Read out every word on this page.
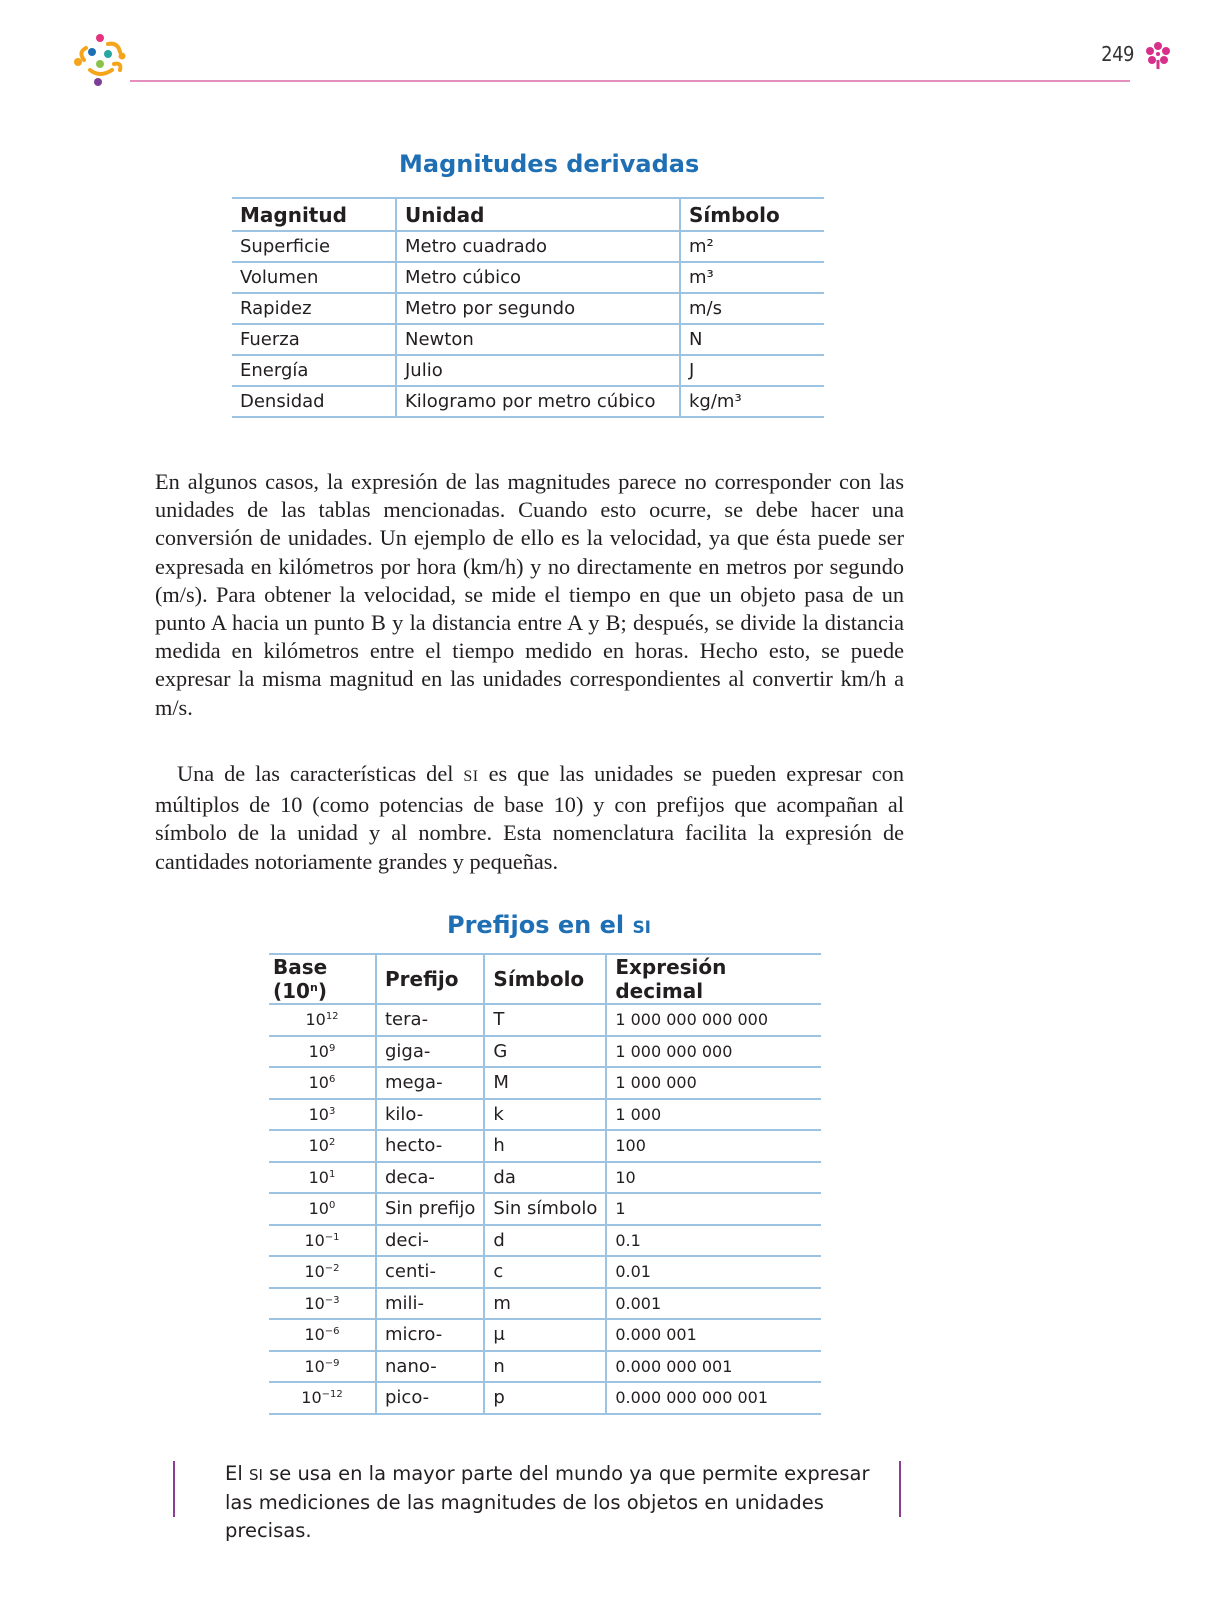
249
Magnitudes derivadas
Magnitud	Unidad	Símbolo
Superficie	Metro cuadrado	m²
Volumen	Metro cúbico	m³
Rapidez	Metro por segundo	m/s
Fuerza	Newton	N
Energía	Julio	J
Densidad	Kilogramo por metro cúbico	kg/m³

En algunos casos, la expresión de las magnitudes parece no corresponder con las unidades de las tablas mencionadas. Cuando esto ocurre, se debe hacer una conversión de unidades. Un ejemplo de ello es la velocidad, ya que ésta puede ser expresada en kilómetros por hora (km/h) y no directamente en metros por segundo (m/s). Para obtener la velocidad, se mide el tiempo en que un objeto pasa de un punto A hacia un punto B y la distancia entre A y B; después, se divide la distancia medida en kilómetros entre el tiempo medido en horas. Hecho esto, se puede expresar la misma magnitud en las unidades correspondientes al convertir km/h a m/s.

Una de las características del SI es que las unidades se pueden expresar con múltiplos de 10 (como potencias de base 10) y con prefijos que acompañan al símbolo de la unidad y al nombre. Esta nomenclatura facilita la expresión de cantidades notoriamente grandes y pequeñas.

Prefijos en el SI
Base (10$^n$)	Prefijo	Símbolo	Expresión decimal
$10^{12}$	tera-	T	1 000 000 000 000
$10^9$	giga-	G	1 000 000 000
$10^6$	mega-	M	1 000 000
$10^3$	kilo-	k	1 000
$10^2$	hecto-	h	100
$10^1$	deca-	da	10
$10^0$	Sin prefijo	Sin símbolo	1
$10^{-1}$	deci-	d	0.1
$10^{-2}$	centi-	c	0.01
$10^{-3}$	mili-	m	0.001
$10^{-6}$	micro-	μ	0.000 001
$10^{-9}$	nano-	n	0.000 000 001
$10^{-12}$	pico-	p	0.000 000 000 001

El SI se usa en la mayor parte del mundo ya que permite expresar las mediciones de las magnitudes de los objetos en unidades precisas.
